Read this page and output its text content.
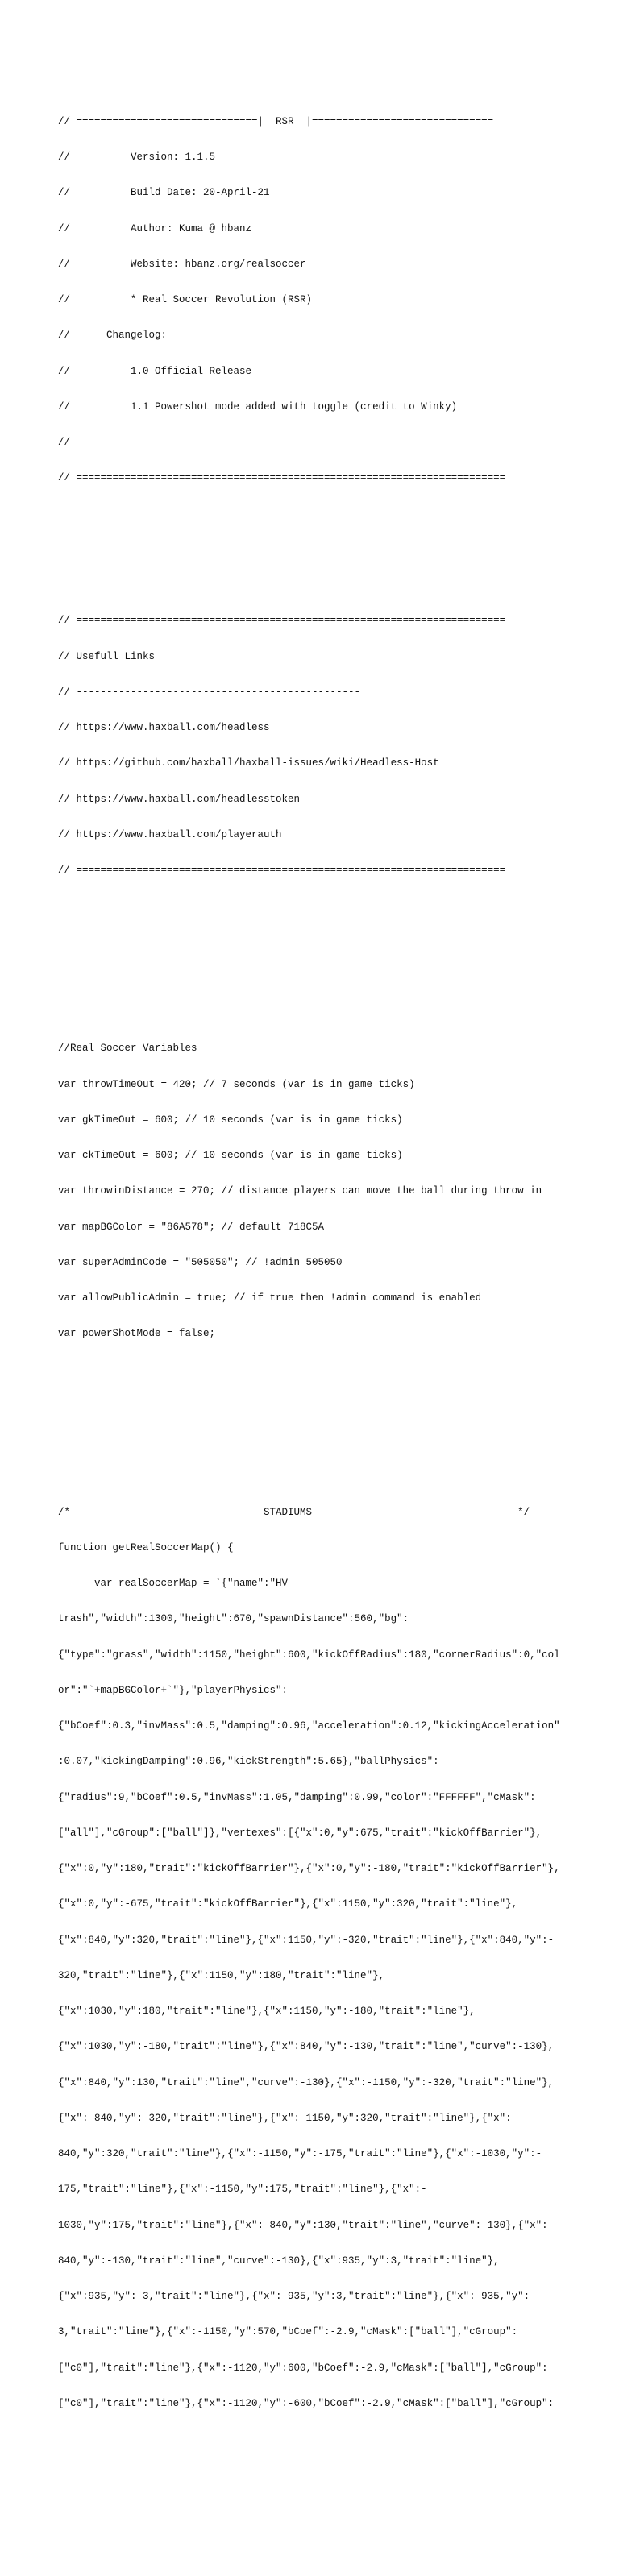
// ==============================|  RSR  |==============================

//          Version: 1.1.5

//          Build Date: 20-April-21

//          Author: Kuma @ hbanz

//          Website: hbanz.org/realsoccer

//          * Real Soccer Revolution (RSR)

//      Changelog:

//          1.0 Official Release

//          1.1 Powershot mode added with toggle (credit to Winky)

//

// =======================================================================

// =======================================================================

// Usefull Links

// -----------------------------------------------

// https://www.haxball.com/headless

// https://github.com/haxball/haxball-issues/wiki/Headless-Host

// https://www.haxball.com/headlesstoken

// https://www.haxball.com/playerauth

// =======================================================================

//Real Soccer Variables

var throwTimeOut = 420; // 7 seconds (var is in game ticks)

var gkTimeOut = 600; // 10 seconds (var is in game ticks)

var ckTimeOut = 600; // 10 seconds (var is in game ticks)

var throwinDistance = 270; // distance players can move the ball during throw in

var mapBGColor = "86A578"; // default 718C5A

var superAdminCode = "505050"; // !admin 505050

var allowPublicAdmin = true; // if true then !admin command is enabled

var powerShotMode = false;

/*------------------------------- STADIUMS ---------------------------------*/

function getRealSoccerMap() {

var realSoccerMap = `{"name":"HV

trash","width":1300,"height":670,"spawnDistance":560,"bg":

{"type":"grass","width":1150,"height":600,"kickOffRadius":180,"cornerRadius":0,"col

or":"`+mapBGColor+`"},"playerPhysics":

{"bCoef":0.3,"invMass":0.5,"damping":0.96,"acceleration":0.12,"kickingAcceleration"

:0.07,"kickingDamping":0.96,"kickStrength":5.65},"ballPhysics":

{"radius":9,"bCoef":0.5,"invMass":1.05,"damping":0.99,"color":"FFFFFF","cMask":

["all"],"cGroup":["ball"]},"vertexes":[{"x":0,"y":675,"trait":"kickOffBarrier"},

{"x":0,"y":180,"trait":"kickOffBarrier"},{"x":0,"y":-180,"trait":"kickOffBarrier"},

{"x":0,"y":-675,"trait":"kickOffBarrier"},{"x":1150,"y":320,"trait":"line"},

{"x":840,"y":320,"trait":"line"},{"x":1150,"y":-320,"trait":"line"},{"x":840,"y":-

320,"trait":"line"},{"x":1150,"y":180,"trait":"line"},

{"x":1030,"y":180,"trait":"line"},{"x":1150,"y":-180,"trait":"line"},

{"x":1030,"y":-180,"trait":"line"},{"x":840,"y":-130,"trait":"line","curve":-130},

{"x":840,"y":130,"trait":"line","curve":-130},{"x":-1150,"y":-320,"trait":"line"},

{"x":-840,"y":-320,"trait":"line"},{"x":-1150,"y":320,"trait":"line"},{"x":-

840,"y":320,"trait":"line"},{"x":-1150,"y":-175,"trait":"line"},{"x":-1030,"y":-

175,"trait":"line"},{"x":-1150,"y":175,"trait":"line"},{"x":-

1030,"y":175,"trait":"line"},{"x":-840,"y":130,"trait":"line","curve":-130},{"x":-

840,"y":-130,"trait":"line","curve":-130},{"x":935,"y":3,"trait":"line"},

{"x":935,"y":-3,"trait":"line"},{"x":-935,"y":3,"trait":"line"},{"x":-935,"y":-

3,"trait":"line"},{"x":-1150,"y":570,"bCoef":-2.9,"cMask":["ball"],"cGroup":

["c0"],"trait":"line"},{"x":-1120,"y":600,"bCoef":-2.9,"cMask":["ball"],"cGroup":

["c0"],"trait":"line"},{"x":-1120,"y":-600,"bCoef":-2.9,"cMask":["ball"],"cGroup":
